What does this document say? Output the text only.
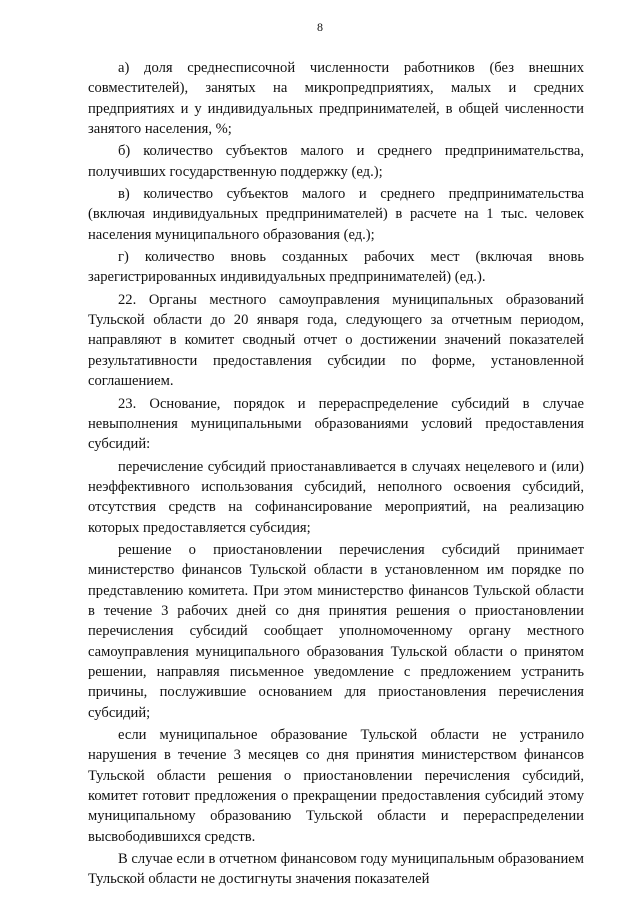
8

а) доля среднесписочной численности работников (без внешних совместителей), занятых на микропредприятиях, малых и средних предприятиях и у индивидуальных предпринимателей, в общей численности занятого населения, %;

б) количество субъектов малого и среднего предпринимательства, получивших государственную поддержку (ед.);

в) количество субъектов малого и среднего предпринимательства (включая индивидуальных предпринимателей) в расчете на 1 тыс. человек населения муниципального образования (ед.);

г) количество вновь созданных рабочих мест (включая вновь зарегистрированных индивидуальных предпринимателей) (ед.).

22. Органы местного самоуправления муниципальных образований Тульской области до 20 января года, следующего за отчетным периодом, направляют в комитет сводный отчет о достижении значений показателей результативности предоставления субсидии по форме, установленной соглашением.

23. Основание, порядок и перераспределение субсидий в случае невыполнения муниципальными образованиями условий предоставления субсидий:

перечисление субсидий приостанавливается в случаях нецелевого и (или) неэффективного использования субсидий, неполного освоения субсидий, отсутствия средств на софинансирование мероприятий, на реализацию которых предоставляется субсидия;

решение о приостановлении перечисления субсидий принимает министерство финансов Тульской области в установленном им порядке по представлению комитета. При этом министерство финансов Тульской области в течение 3 рабочих дней со дня принятия решения о приостановлении перечисления субсидий сообщает уполномоченному органу местного самоуправления муниципального образования Тульской области о принятом решении, направляя письменное уведомление с предложением устранить причины, послужившие основанием для приостановления перечисления субсидий;

если муниципальное образование Тульской области не устранило нарушения в течение 3 месяцев со дня принятия министерством финансов Тульской области решения о приостановлении перечисления субсидий, комитет готовит предложения о прекращении предоставления субсидий этому муниципальному образованию Тульской области и перераспределении высвободившихся средств.

В случае если в отчетном финансовом году муниципальным образованием Тульской области не достигнуты значения показателей
